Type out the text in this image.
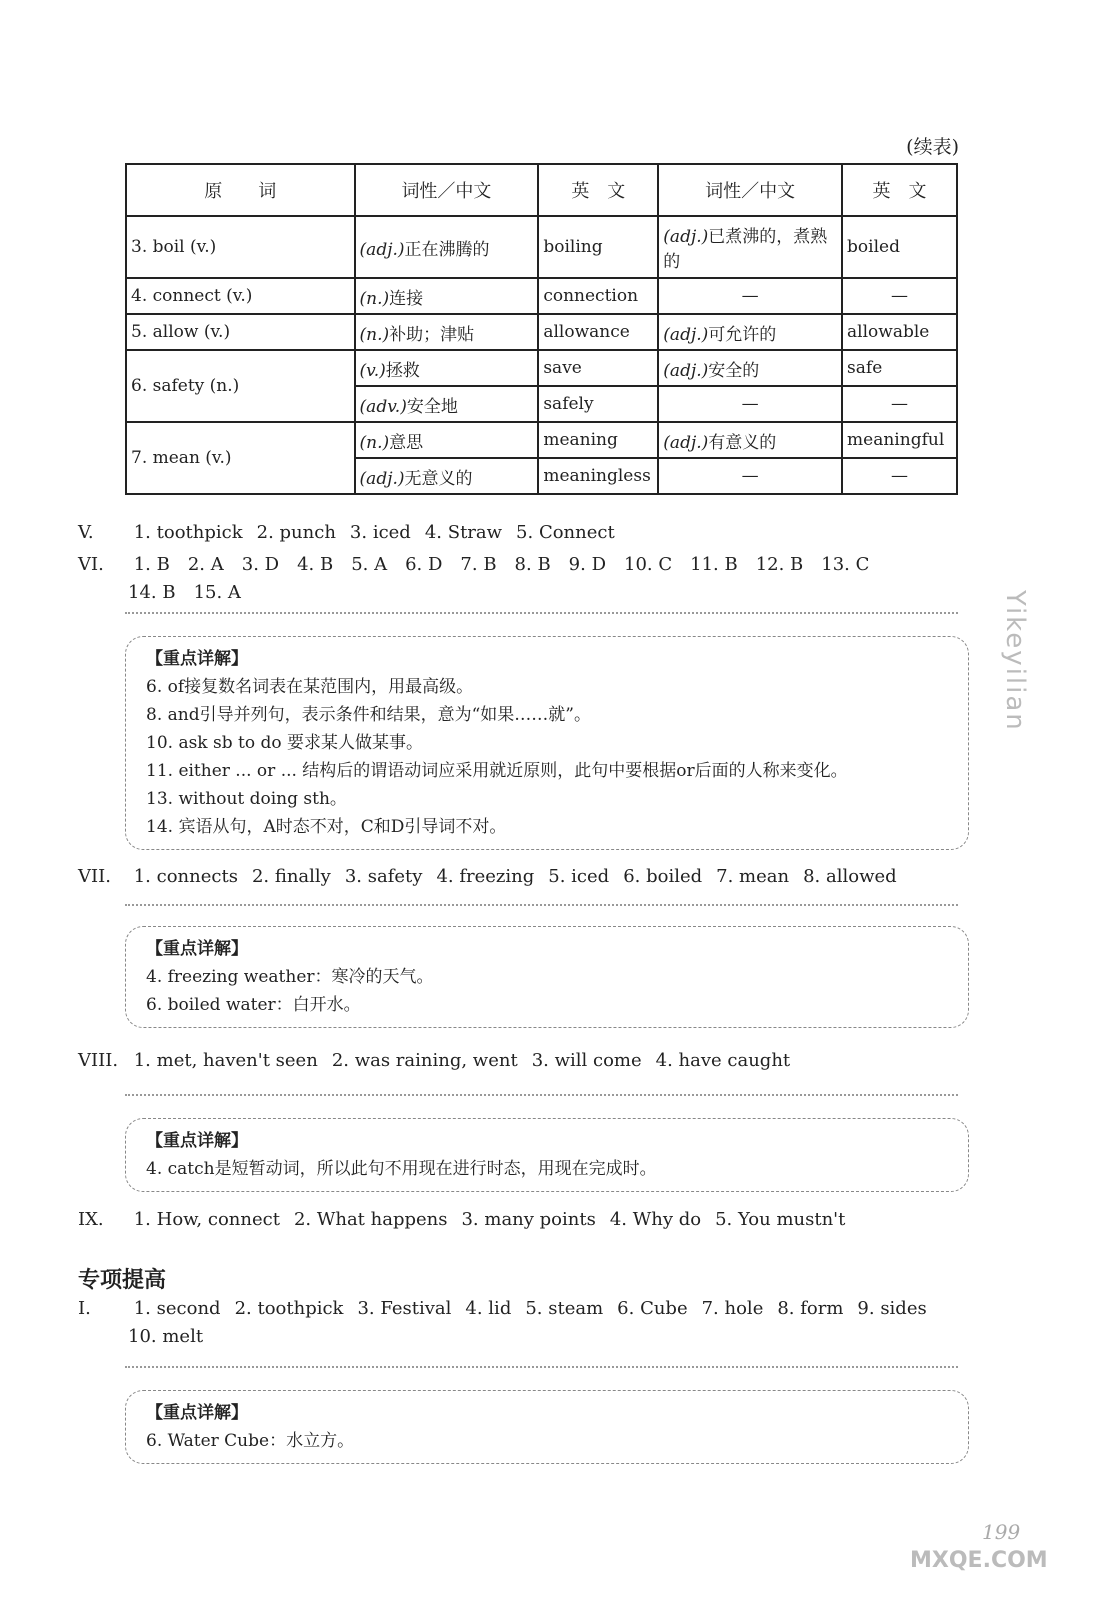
(续表)
原　　词	词性／中文	英　文	词性／中文	英　文
3. boil (v.)	(adj.)正在沸腾的	boiling	(adj.)已煮沸的，煮熟的	boiled
4. connect (v.)	(n.)连接	connection	—	—
5. allow (v.)	(n.)补助；津贴	allowance	(adj.)可允许的	allowable
6. safety (n.)	(v.)拯救	save	(adj.)安全的	safe
	(adv.)安全地	safely	—	—
7. mean (v.)	(n.)意思	meaning	(adj.)有意义的	meaningful
	(adj.)无意义的	meaningless	—	—
V. 1. toothpick 2. punch 3. iced 4. Straw 5. Connect
VI. 1. B　2. A　3. D　4. B　5. A　6. D　7. B　8. B　9. D　10. C　11. B　12. B　13. C
14. B　15. A
【重点详解】
6. of接复数名词表在某范围内，用最高级。
8. and引导并列句，表示条件和结果，意为“如果……就”。
10. ask sb to do 要求某人做某事。
11. either ... or ... 结构后的谓语动词应采用就近原则，此句中要根据or后面的人称来变化。
13. without doing sth。
14. 宾语从句，A时态不对，C和D引导词不对。
VII. 1. connects 2. finally 3. safety 4. freezing 5. iced 6. boiled 7. mean 8. allowed
【重点详解】
4. freezing weather：寒冷的天气。
6. boiled water：白开水。
VIII. 1. met, haven't seen 2. was raining, went 3. will come 4. have caught
【重点详解】
4. catch是短暂动词，所以此句不用现在进行时态，用现在完成时。
IX. 1. How, connect 2. What happens 3. many points 4. Why do 5. You mustn't
专项提高
I. 1. second 2. toothpick 3. Festival 4. lid 5. steam 6. Cube 7. hole 8. form 9. sides
10. melt
【重点详解】
6. Water Cube：水立方。
Yikeyilian
199
MXQE.COM
